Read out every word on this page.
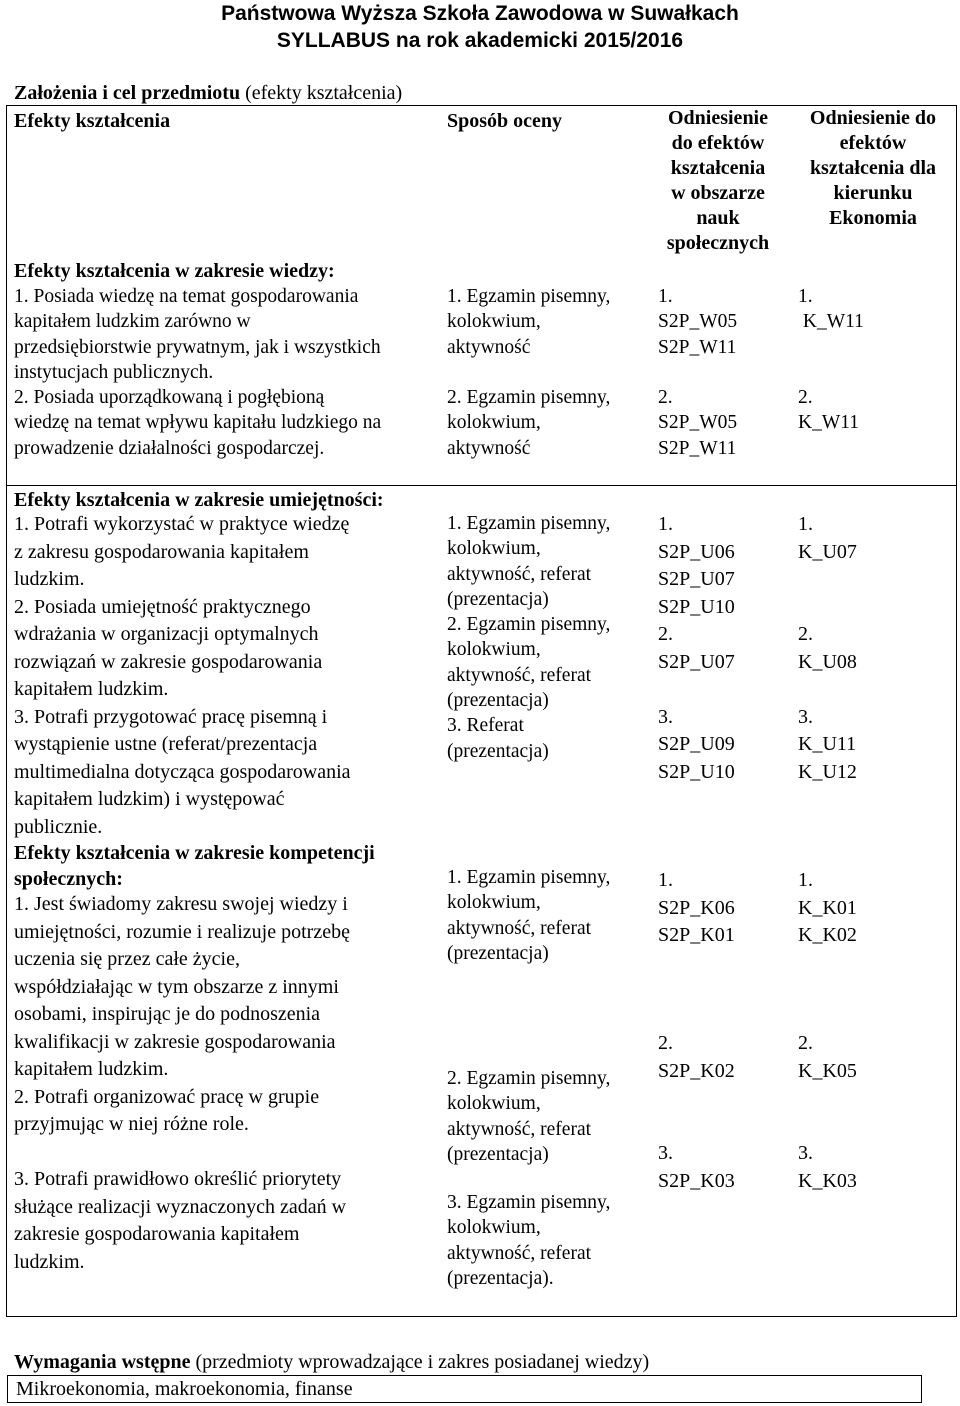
Państwowa Wyższa Szkoła Zawodowa w Suwałkach
SYLLABUS na rok akademicki 2015/2016
Założenia i cel przedmiotu (efekty kształcenia)
Efekty kształcenia	Sposób oceny	Odniesienie
do efektów
kształcenia
w obszarze
nauk
społecznych
Odniesienie do
efektów
kształcenia dla
kierunku
Ekonomia
Efekty kształcenia w zakresie wiedzy:
1. Posiada wiedzę na temat gospodarowania
kapitałem ludzkim zarówno w
przedsiębiorstwie prywatnym, jak i wszystkich
instytucjach publicznych.
2. Posiada uporządkowaną i pogłębioną
wiedzę na temat wpływu kapitału ludzkiego na
prowadzenie działalności gospodarczej.
1. Egzamin pisemny,
kolokwium,
aktywność

2. Egzamin pisemny,
kolokwium,
aktywność
1.
S2P_W05
S2P_W11

2.
S2P_W05
S2P_W11
1.
K_W11

2.
K_W11
Efekty kształcenia w zakresie umiejętności:
1. Potrafi wykorzystać w praktyce wiedzę
z zakresu gospodarowania kapitałem
ludzkim.
2. Posiada umiejętność praktycznego
wdrażania w organizacji optymalnych
rozwiązań w zakresie gospodarowania
kapitałem ludzkim.
3. Potrafi przygotować pracę pisemną i
wystąpienie ustne (referat/prezentacja
multimedialna dotycząca gospodarowania
kapitałem ludzkim) i występować
publicznie.
1. Egzamin pisemny,
kolokwium,
aktywność, referat
(prezentacja)
2. Egzamin pisemny,
kolokwium,
aktywność, referat
(prezentacja)
3. Referat
(prezentacja)
1.
S2P_U06
S2P_U07
S2P_U10
2.
S2P_U07

3.
S2P_U09
S2P_U10
1.
K_U07

2.
K_U08

3.
K_U11
K_U12
Efekty kształcenia w zakresie kompetencji
społecznych:
1. Jest świadomy zakresu swojej wiedzy i
umiejętności, rozumie i realizuje potrzebę
uczenia się przez całe życie,
współdziałając w tym obszarze z innymi
osobami, inspirując je do podnoszenia
kwalifikacji w zakresie gospodarowania
kapitałem ludzkim.
2. Potrafi organizować pracę w grupie
przyjmując w niej różne role.

3. Potrafi prawidłowo określić priorytety
służące realizacji wyznaczonych zadań w
zakresie gospodarowania kapitałem
ludzkim.
1. Egzamin pisemny,
kolokwium,
aktywność, referat
(prezentacja)
2. Egzamin pisemny,
kolokwium,
aktywność, referat
(prezentacja)
3. Egzamin pisemny,
kolokwium,
aktywność, referat
(prezentacja).
1.
S2P_K06
S2P_K01
2.
S2P_K02
3.
S2P_K03
1.
K_K01
K_K02
2.
K_K05
3.
K_K03
Wymagania wstępne (przedmioty wprowadzające i zakres posiadanej wiedzy)
Mikroekonomia, makroekonomia, finanse
